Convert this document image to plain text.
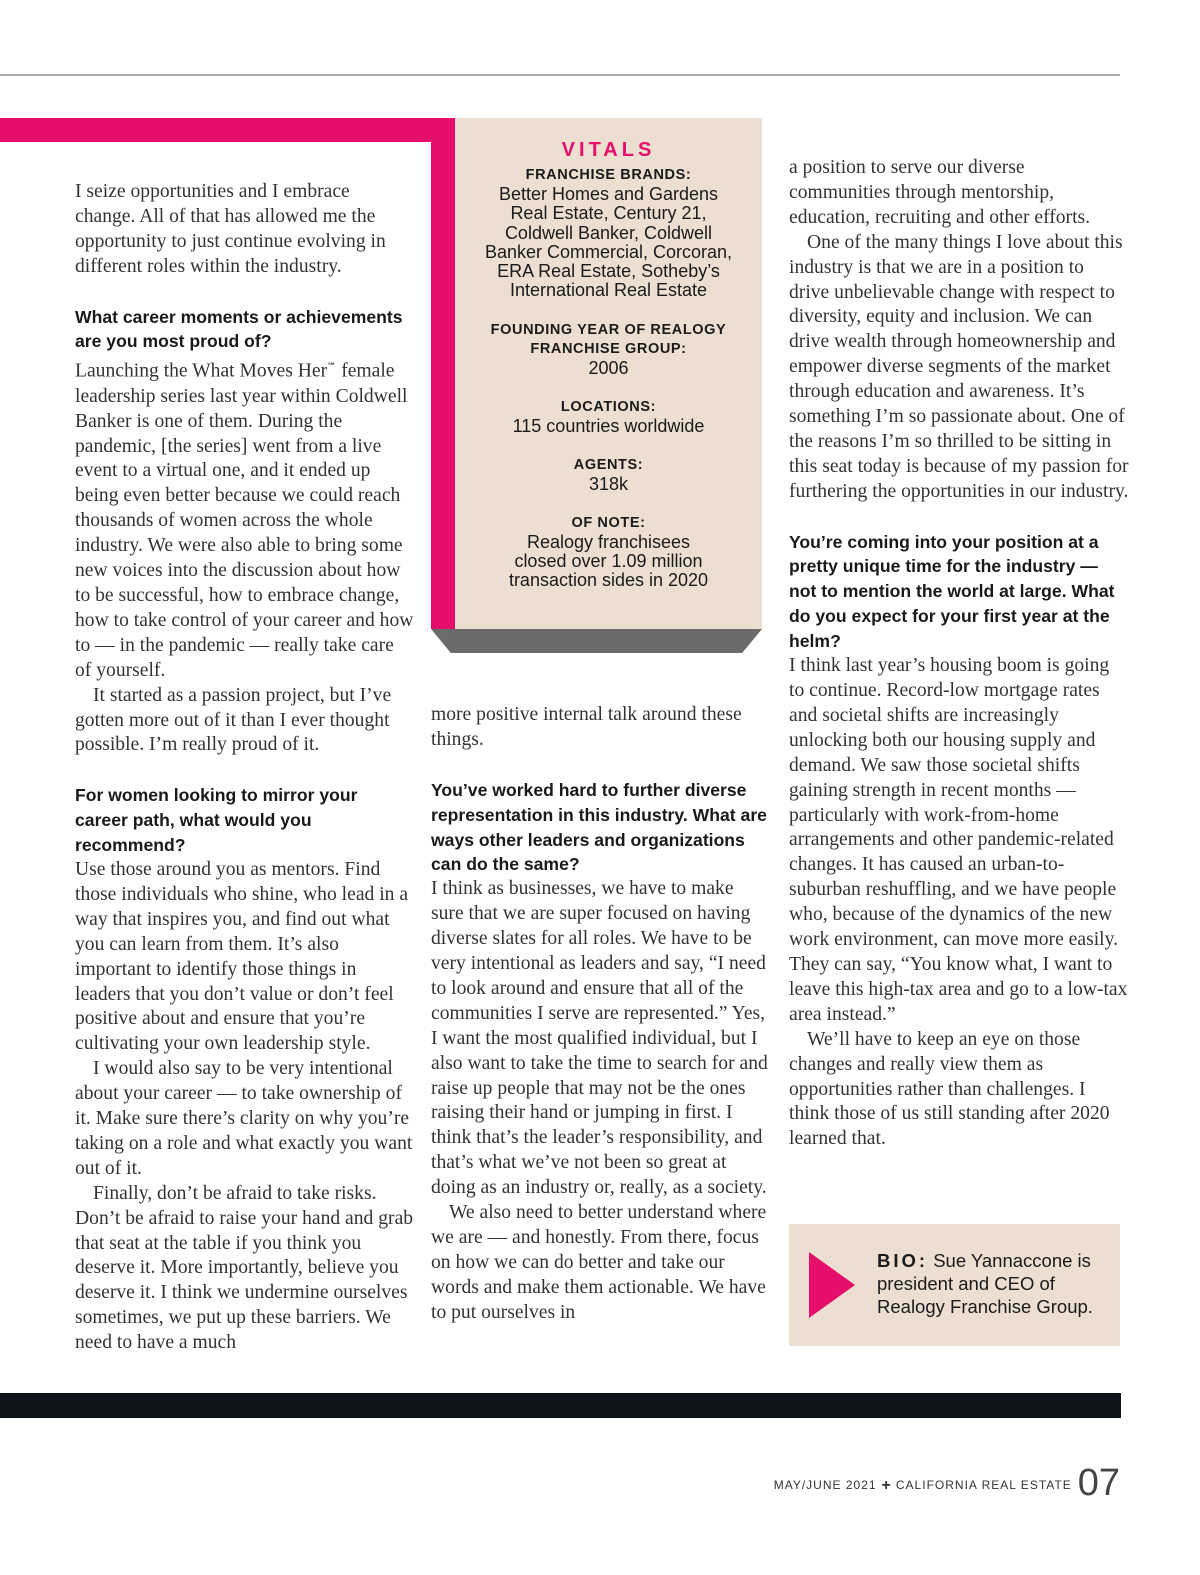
VITALS
FRANCHISE BRANDS:
Better Homes and Gardens
Real Estate, Century 21,
Coldwell Banker, Coldwell
Banker Commercial, Corcoran,
ERA Real Estate, Sotheby’s
International Real Estate
FOUNDING YEAR OF REALOGY FRANCHISE GROUP:
2006
LOCATIONS:
115 countries worldwide
AGENTS:
318k
OF NOTE:
Realogy franchisees closed over 1.09 million transaction sides in 2020

I seize opportunities and I embrace change. All of that has allowed me the opportunity to just continue evolving in different roles within the industry.

What career moments or achievements are you most proud of?

Launching the What Moves Her℠ female leadership series last year within Coldwell Banker is one of them. During the pandemic, [the series] went from a live event to a virtual one, and it ended up being even better because we could reach thousands of women across the whole industry. We were also able to bring some new voices into the discussion about how to be successful, how to embrace change, how to take control of your career and how to — in the pandemic — really take care of yourself.

It started as a passion project, but I’ve gotten more out of it than I ever thought possible. I’m really proud of it.

For women looking to mirror your career path, what would you recommend?

Use those around you as mentors. Find those individuals who shine, who lead in a way that inspires you, and find out what you can learn from them. It’s also important to identify those things in leaders that you don’t value or don’t feel positive about and ensure that you’re cultivating your own leadership style.

I would also say to be very intentional about your career — to take ownership of it. Make sure there’s clarity on why you’re taking on a role and what exactly you want out of it.

Finally, don’t be afraid to take risks. Don’t be afraid to raise your hand and grab that seat at the table if you think you deserve it. More importantly, believe you deserve it. I think we undermine ourselves sometimes, we put up these barriers. We need to have a much

more positive internal talk around these things.

You’ve worked hard to further diverse representation in this industry. What are ways other leaders and organizations can do the same?

I think as businesses, we have to make sure that we are super focused on having diverse slates for all roles. We have to be very intentional as leaders and say, “I need to look around and ensure that all of the communities I serve are represented.” Yes, I want the most qualified individual, but I also want to take the time to search for and raise up people that may not be the ones raising their hand or jumping in first. I think that’s the leader’s responsibility, and that’s what we’ve not been so great at doing as an industry or, really, as a society.

We also need to better understand where we are — and honestly. From there, focus on how we can do better and take our words and make them actionable. We have to put ourselves in

a position to serve our diverse communities through mentorship, education, recruiting and other efforts.

One of the many things I love about this industry is that we are in a position to drive unbelievable change with respect to diversity, equity and inclusion. We can drive wealth through homeownership and empower diverse segments of the market through education and awareness. It’s something I’m so passionate about. One of the reasons I’m so thrilled to be sitting in this seat today is because of my passion for furthering the opportunities in our industry.

You’re coming into your position at a pretty unique time for the industry — not to mention the world at large. What do you expect for your first year at the helm?

I think last year’s housing boom is going to continue. Record-low mortgage rates and societal shifts are increasingly unlocking both our housing supply and demand. We saw those societal shifts gaining strength in recent months — particularly with work-from-home arrangements and other pandemic-related changes. It has caused an urban-to-suburban reshuffling, and we have people who, because of the dynamics of the new work environment, can move more easily. They can say, “You know what, I want to leave this high-tax area and go to a low-tax area instead.”

We’ll have to keep an eye on those changes and really view them as opportunities rather than challenges. I think those of us still standing after 2020 learned that.

BIO: Sue Yannaccone is president and CEO of Realogy Franchise Group.
MAY/JUNE 2021 + CALIFORNIA REAL ESTATE 07
